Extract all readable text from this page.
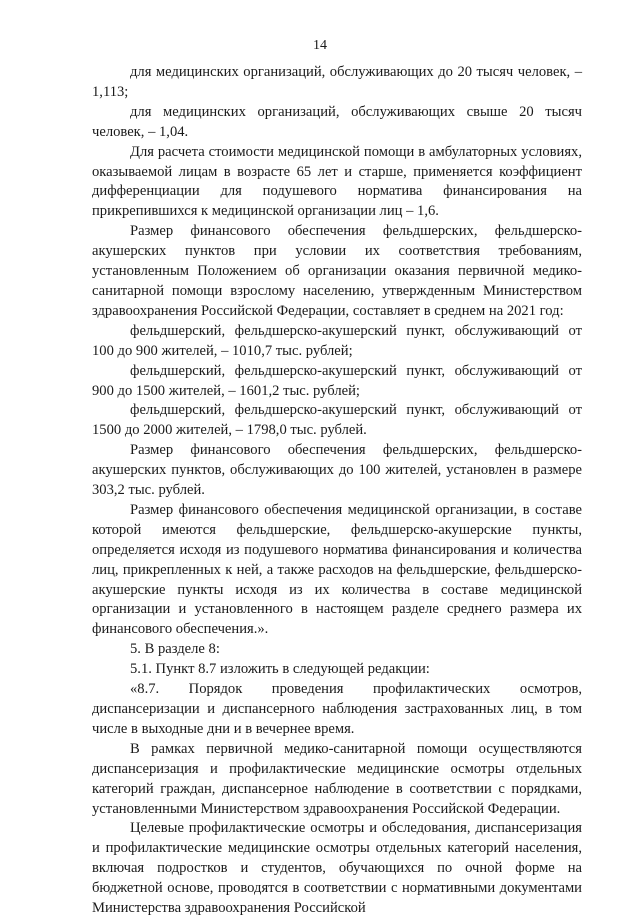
14

для медицинских организаций, обслуживающих до 20 тысяч человек, – 1,113;

для медицинских организаций, обслуживающих свыше 20 тысяч человек, – 1,04.

Для расчета стоимости медицинской помощи в амбулаторных условиях, оказываемой лицам в возрасте 65 лет и старше, применяется коэффициент дифференциации для подушевого норматива финансирования на прикрепившихся к медицинской организации лиц – 1,6.

Размер финансового обеспечения фельдшерских, фельдшерско-акушерских пунктов при условии их соответствия требованиям, установленным Положением об организации оказания первичной медико-санитарной помощи взрослому населению, утвержденным Министерством здравоохранения Российской Федерации, составляет в среднем на 2021 год:

фельдшерский, фельдшерско-акушерский пункт, обслуживающий от 100 до 900 жителей, – 1010,7 тыс. рублей;

фельдшерский, фельдшерско-акушерский пункт, обслуживающий от 900 до 1500 жителей, – 1601,2 тыс. рублей;

фельдшерский, фельдшерско-акушерский пункт, обслуживающий от 1500 до 2000 жителей, – 1798,0 тыс. рублей.

Размер финансового обеспечения фельдшерских, фельдшерско-акушерских пунктов, обслуживающих до 100 жителей, установлен в размере 303,2 тыс. рублей.

Размер финансового обеспечения медицинской организации, в составе которой имеются фельдшерские, фельдшерско-акушерские пункты, определяется исходя из подушевого норматива финансирования и количества лиц, прикрепленных к ней, а также расходов на фельдшерские, фельдшерско-акушерские пункты исходя из их количества в составе медицинской организации и установленного в настоящем разделе среднего размера их финансового обеспечения.».

5. В разделе 8:

5.1. Пункт 8.7 изложить в следующей редакции:

«8.7. Порядок проведения профилактических осмотров, диспансеризации и диспансерного наблюдения застрахованных лиц, в том числе в выходные дни и в вечернее время.

В рамках первичной медико-санитарной помощи осуществляются диспансеризация и профилактические медицинские осмотры отдельных категорий граждан, диспансерное наблюдение в соответствии с порядками, установленными Министерством здравоохранения Российской Федерации.

Целевые профилактические осмотры и обследования, диспансеризация и профилактические медицинские осмотры отдельных категорий населения, включая подростков и студентов, обучающихся по очной форме на бюджетной основе, проводятся в соответствии с нормативными документами Министерства здравоохранения Российской
